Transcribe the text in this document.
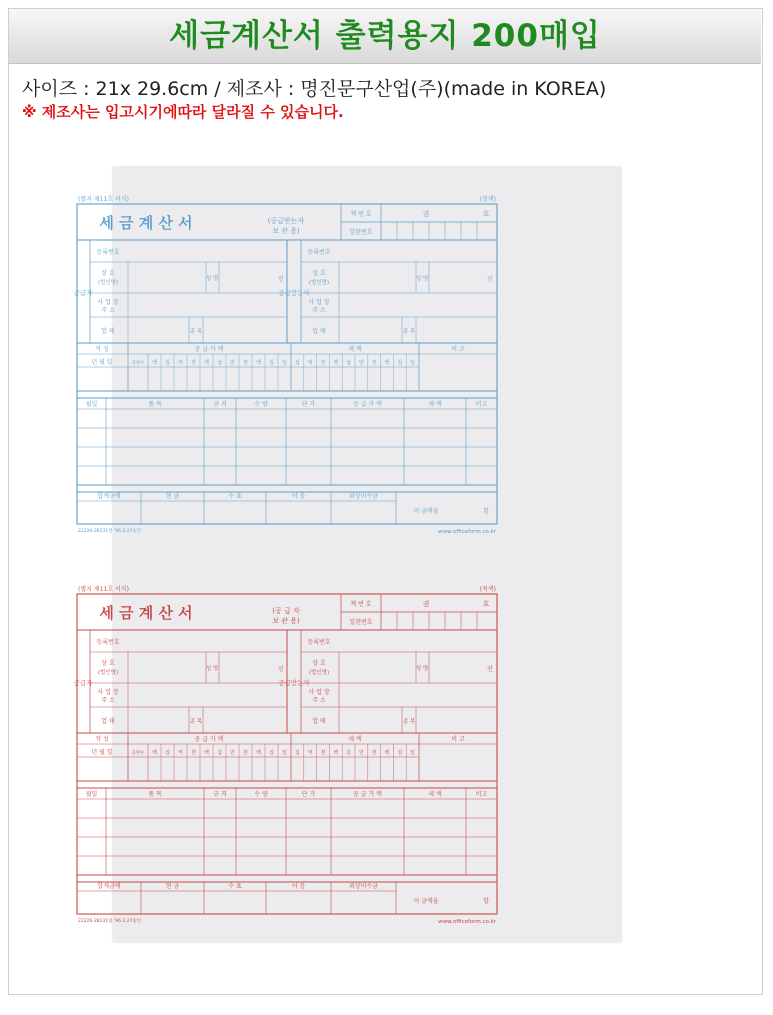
세금계산서 출력용지 200매입
사이즈 : 21x 29.6cm / 제조사 : 명진문구산업(주)(made in KOREA)
※ 제조사는 입고시기에따라 달라질 수 있습니다.
(별지 제11호 서식)	(청색)
세 금 계 산 서	(공급받는자
보 관 용)
책 번 호
일련번호
권	호
공급자	공급받는자
등록번호
상 호
(법인명)
사 업 장
주 소
업 태
성 명	인
종 목
등록번호
상 호
(법인명)
사 업 장
주 소
업 태
성 명	인
종 목
작 성	공 급 가 액	세 액	비 고
년 월 일	공란수 백 십 억 천 백 십 만 천 백 십 일 십 억 천 백 십 만 천 백 십 일
월일	품 목	규 격	수 량	단 가	공 급 가 액	세 액	비고
합계금액	현 금	수 표	어 음	외상미수금
이 금액을	함
22226-28131일 '96.3.27승인	www.officeform.co.kr
(별지 제11호 서식)	(적색)
세 금 계 산 서	(공 급 자
보 관 용)
책 번 호
일련번호
권	호
공급자	공급받는자
등록번호
상 호
(법인명)
사 업 장
주 소
업 태
성 명	인
종 목
등록번호
상 호
(법인명)
사 업 장
주 소
업 태
성 명	인
종 목
작 성	공 급 가 액	세 액	비 고
년 월 일	공란수 백 십 억 천 백 십 만 천 백 십 일 십 억 천 백 십 만 천 백 십 일
월일	품 목	규 격	수 량	단 가	공 급 가 액	세 액	비고
합계금액	현 금	수 표	어 음	외상미수금
이 금액을	함
22226-28131일 '96.3.27승인	www.officeform.co.kr
